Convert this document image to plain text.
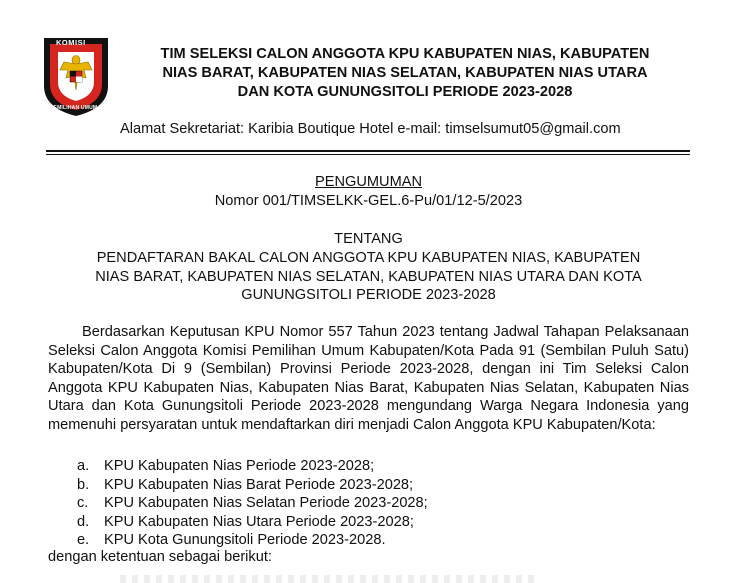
KOMISI
PEMILIHAN UMUM
TIM SELEKSI CALON ANGGOTA KPU KABUPATEN NIAS, KABUPATEN
NIAS BARAT, KABUPATEN NIAS SELATAN, KABUPATEN NIAS UTARA
DAN KOTA GUNUNGSITOLI PERIODE 2023-2028
Alamat Sekretariat: Karibia Boutique Hotel e-mail: timselsumut05@gmail.com
PENGUMUMAN
Nomor 001/TIMSELKK-GEL.6-Pu/01/12-5/2023
TENTANG
PENDAFTARAN BAKAL CALON ANGGOTA KPU KABUPATEN NIAS, KABUPATEN
NIAS BARAT, KABUPATEN NIAS SELATAN, KABUPATEN NIAS UTARA DAN KOTA
GUNUNGSITOLI PERIODE 2023-2028
Berdasarkan Keputusan KPU Nomor 557 Tahun 2023 tentang Jadwal Tahapan Pelaksanaan Seleksi Calon Anggota Komisi Pemilihan Umum Kabupaten/Kota Pada 91 (Sembilan Puluh Satu) Kabupaten/Kota Di 9 (Sembilan) Provinsi Periode 2023-2028, dengan ini Tim Seleksi Calon Anggota KPU Kabupaten Nias, Kabupaten Nias Barat, Kabupaten Nias Selatan, Kabupaten Nias Utara dan Kota Gunungsitoli Periode 2023-2028 mengundang Warga Negara Indonesia yang memenuhi persyaratan untuk mendaftarkan diri menjadi Calon Anggota KPU Kabupaten/Kota:
a.	KPU Kabupaten Nias Periode 2023-2028;
b.	KPU Kabupaten Nias Barat Periode 2023-2028;
c.	KPU Kabupaten Nias Selatan Periode 2023-2028;
d.	KPU Kabupaten Nias Utara Periode 2023-2028;
e.	KPU Kota Gunungsitoli Periode 2023-2028.
dengan ketentuan sebagai berikut:
